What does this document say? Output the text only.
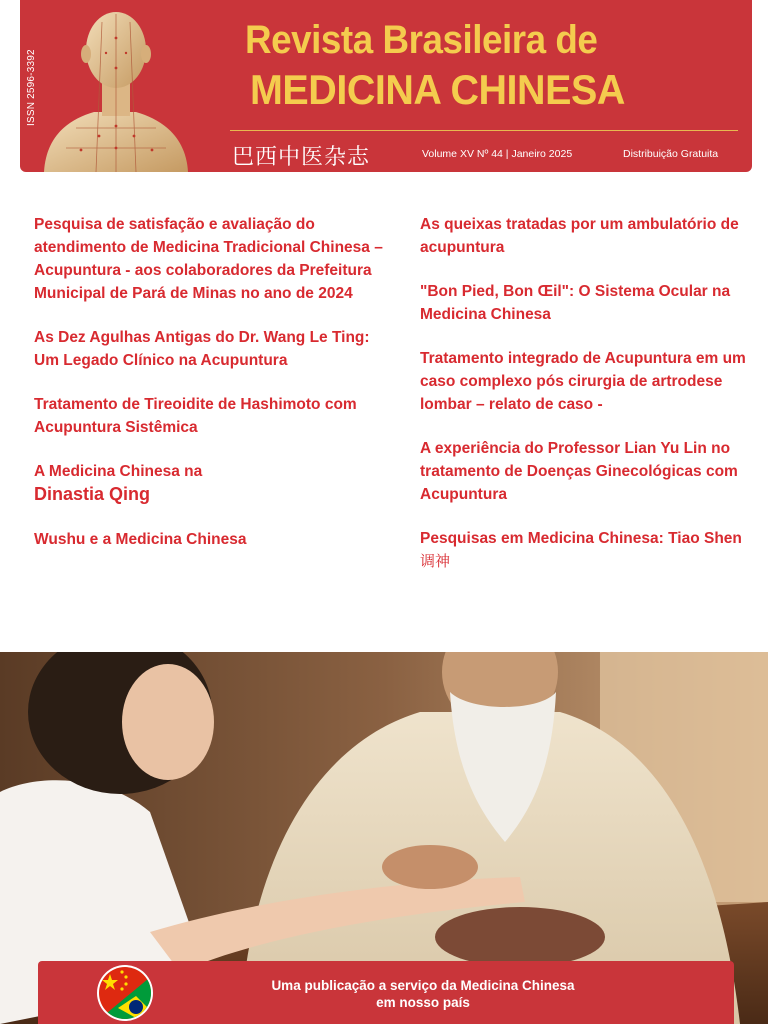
ISSN 2596-3392
Revista Brasileira de
MEDICINA CHINESA
巴西中医杂志	Volume XV Nº 44 | Janeiro 2025	Distribuição Gratuita
Pesquisa de satisfação e avaliação do atendimento de Medicina Tradicional Chinesa – Acupuntura - aos colaboradores da Prefeitura Municipal de Pará de Minas no ano de 2024
As Dez Agulhas Antigas do Dr. Wang Le Ting: Um Legado Clínico na Acupuntura
Tratamento de Tireoidite de Hashimoto com Acupuntura Sistêmica
A Medicina Chinesa na
Dinastia Qing
Wushu e a Medicina Chinesa
As queixas tratadas por um ambulatório de acupuntura
"Bon Pied, Bon Œil": O Sistema Ocular na Medicina Chinesa
Tratamento integrado de Acupuntura em um caso complexo pós cirurgia de artrodese lombar – relato de caso -
A experiência do Professor Lian Yu Lin no tratamento de Doenças Ginecológicas com Acupuntura
Pesquisas em Medicina Chinesa: Tiao Shen 调神
Uma publicação a serviço da Medicina Chinesa
em nosso país
